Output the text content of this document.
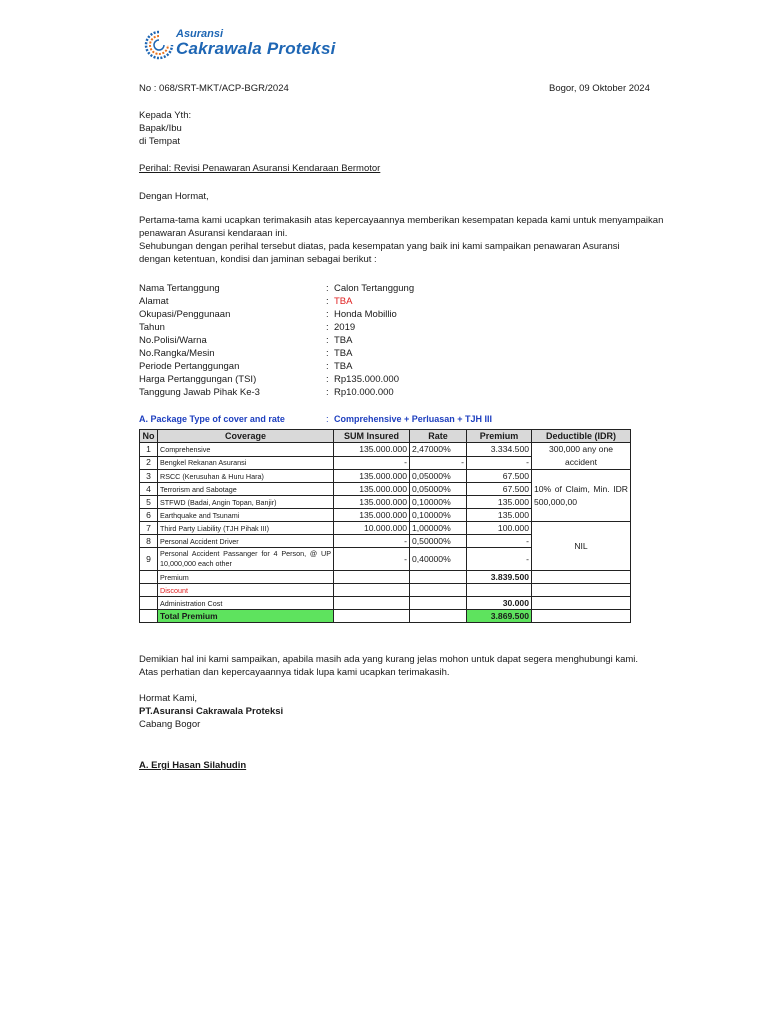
Asuransi
Cakrawala Proteksi
No : 068/SRT-MKT/ACP-BGR/2024	Bogor, 09 Oktober 2024
Kepada Yth:
Bapak/Ibu
di Tempat
Perihal: Revisi Penawaran Asuransi Kendaraan Bermotor
Dengan Hormat,
Pertama-tama kami ucapkan terimakasih atas kepercayaannya memberikan kesempatan kepada kami untuk menyampaikan
penawaran Asuransi kendaraan ini.
Sehubungan dengan perihal tersebut diatas, pada kesempatan yang baik ini kami sampaikan penawaran Asuransi
dengan ketentuan, kondisi dan jaminan sebagai berikut :
Nama Tertanggung	: Calon Tertanggung
Alamat	: TBA
Okupasi/Penggunaan	: Honda Mobillio
Tahun	: 2019
No.Polisi/Warna	: TBA
No.Rangka/Mesin	: TBA
Periode Pertanggungan	: TBA
Harga Pertanggungan (TSI)	: Rp135.000.000
Tanggung Jawab Pihak Ke-3	: Rp10.000.000
A. Package Type of cover and rate	: Comprehensive + Perluasan + TJH III
No	Coverage	SUM Insured	Rate	Premium	Deductible (IDR)
1	Comprehensive	135.000.000	2,47000%	3.334.500	300,000 any one accident
2	Bengkel Rekanan Asuransi	-	-	-	
3	RSCC (Kerusuhan & Huru Hara)	135.000.000	0,05000%	67.500	10% of Claim, Min. IDR 500,000,00
4	Terrorism and Sabotage	135.000.000	0,05000%	67.500	
5	STFWD (Badai, Angin Topan, Banjir)	135.000.000	0,10000%	135.000	
6	Earthquake and Tsunami	135.000.000	0,10000%	135.000	
7	Third Party Liability (TJH Pihak III)	10.000.000	1,00000%	100.000	NIL
8	Personal Accident Driver	-	0,50000%	-	
9	Personal Accident Passanger for 4 Person, @ UP 10,000,000 each other	-	0,40000%	-	
	Premium			3.839.500	
	Discount				
	Administration Cost			30.000	
	Total Premium			3.869.500	
Demikian hal ini kami sampaikan, apabila masih ada yang kurang jelas mohon untuk dapat segera menghubungi kami.
Atas perhatian dan kepercayaannya tidak lupa kami ucapkan terimakasih.
Hormat Kami,
PT.Asuransi Cakrawala Proteksi
Cabang Bogor
A. Ergi Hasan Silahudin
